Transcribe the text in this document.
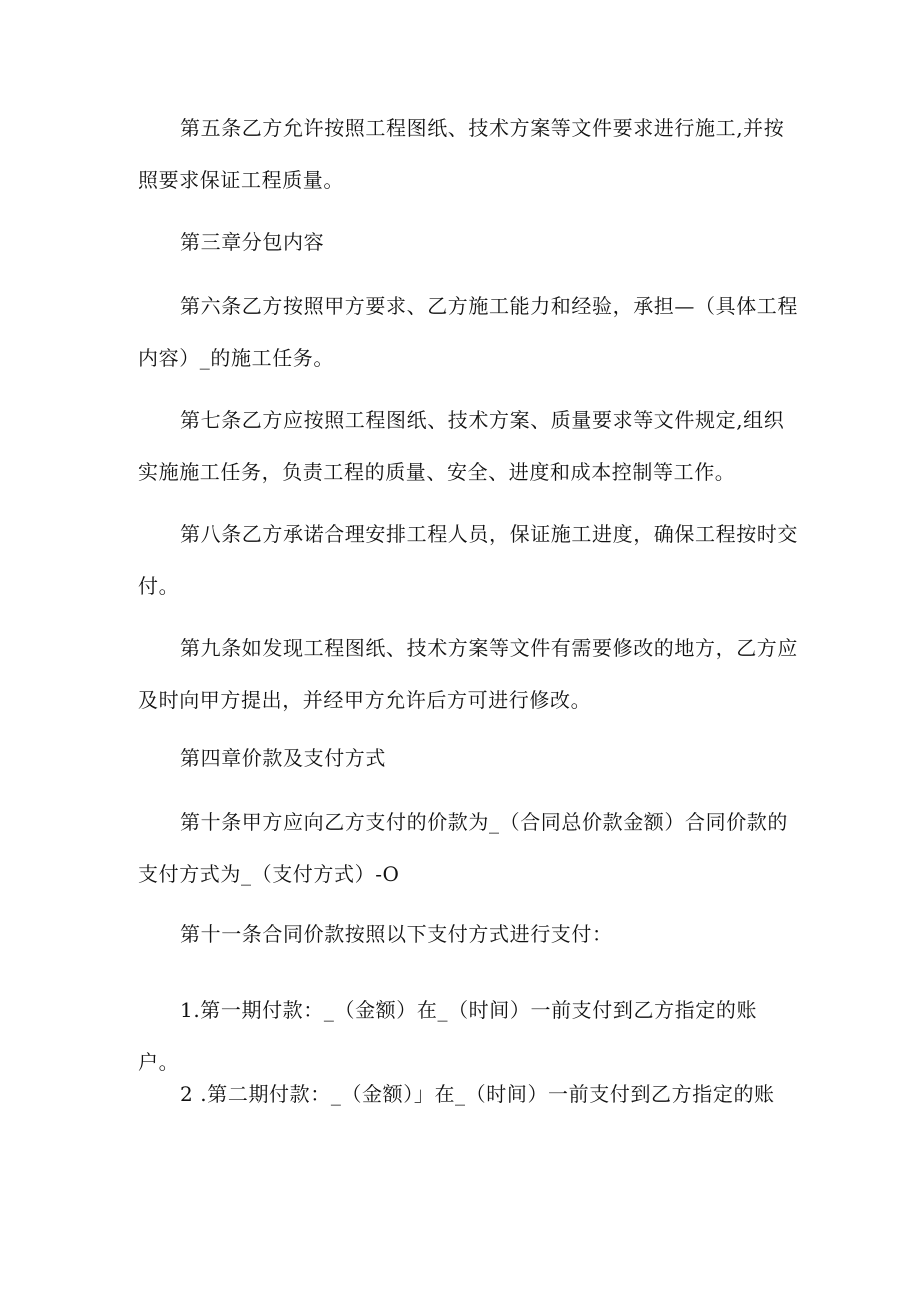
第五条乙方允许按照工程图纸、技术方案等文件要求进行施工,并按照要求保证工程质量。

第三章分包内容

第六条乙方按照甲方要求、乙方施工能力和经验，承担—（具体工程内容）_的施工任务。

第七条乙方应按照工程图纸、技术方案、质量要求等文件规定,组织实施施工任务，负责工程的质量、安全、进度和成本控制等工作。

第八条乙方承诺合理安排工程人员，保证施工进度，确保工程按时交付。

第九条如发现工程图纸、技术方案等文件有需要修改的地方，乙方应及时向甲方提出，并经甲方允许后方可进行修改。

第四章价款及支付方式

第十条甲方应向乙方支付的价款为_（合同总价款金额）合同价款的支付方式为_（支付方式）-O

第十一条合同价款按照以下支付方式进行支付：

1.第一期付款：_（金额）在_（时间）一前支付到乙方指定的账户。

2 .第二期付款：_（金额）」在_（时间）一前支付到乙方指定的账
